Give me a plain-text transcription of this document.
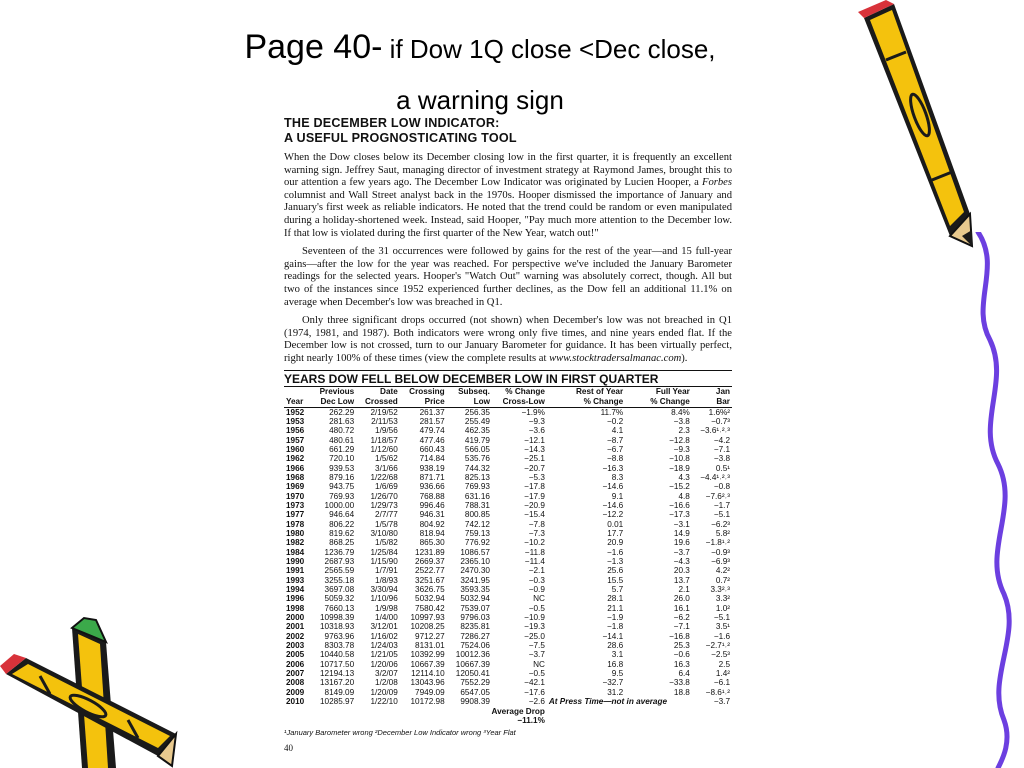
Page 40- if Dow 1Q close <Dec close,
a warning sign
THE DECEMBER LOW INDICATOR:
A USEFUL PROGNOSTICATING TOOL

When the Dow closes below its December closing low in the first quarter, it is frequently an excellent warning sign. Jeffrey Saut, managing director of investment strategy at Raymond James, brought this to our attention a few years ago. The December Low Indicator was originated by Lucien Hooper, a Forbes columnist and Wall Street analyst back in the 1970s. Hooper dismissed the importance of January and January's first week as reliable indicators. He noted that the trend could be random or even manipulated during a holiday-shortened week. Instead, said Hooper, "Pay much more attention to the December low. If that low is violated during the first quarter of the New Year, watch out!"

Seventeen of the 31 occurrences were followed by gains for the rest of the year—and 15 full-year gains—after the low for the year was reached. For perspective we've included the January Barometer readings for the selected years. Hooper's "Watch Out" warning was absolutely correct, though. All but two of the instances since 1952 experienced further declines, as the Dow fell an additional 11.1% on average when December's low was breached in Q1.

Only three significant drops occurred (not shown) when December's low was not breached in Q1 (1974, 1981, and 1987). Both indicators were wrong only five times, and nine years ended flat. If the December low is not crossed, turn to our January Barometer for guidance. It has been virtually perfect, right nearly 100% of these times (view the complete results at www.stocktradersalmanac.com).

YEARS DOW FELL BELOW DECEMBER LOW IN FIRST QUARTER
	Previous	Date	Crossing	Subseq.	% Change	Rest of Year	Full Year	Jan
Year	Dec Low	Crossed	Price	Low	Cross-Low	% Change	% Change	Bar
1952	262.29	2/19/52	261.37	256.35	−1.9%	11.7%	8.4%	1.6%²
1953	281.63	2/11/53	281.57	255.49	−9.3	−0.2	−3.8	−0.7³
1956	480.72	1/9/56	479.74	462.35	−3.6	4.1	2.3	−3.6¹˒²˒³
1957	480.61	1/18/57	477.46	419.79	−12.1	−8.7	−12.8	−4.2
1960	661.29	1/12/60	660.43	566.05	−14.3	−6.7	−9.3	−7.1
1962	720.10	1/5/62	714.84	535.76	−25.1	−8.8	−10.8	−3.8
1966	939.53	3/1/66	938.19	744.32	−20.7	−16.3	−18.9	0.5¹
1968	879.16	1/22/68	871.71	825.13	−5.3	8.3	4.3	−4.4¹˒²˒³
1969	943.75	1/6/69	936.66	769.93	−17.8	−14.6	−15.2	−0.8
1970	769.93	1/26/70	768.88	631.16	−17.9	9.1	4.8	−7.6²˒³
1973	1000.00	1/29/73	996.46	788.31	−20.9	−14.6	−16.6	−1.7
1977	946.64	2/7/77	946.31	800.85	−15.4	−12.2	−17.3	−5.1
1978	806.22	1/5/78	804.92	742.12	−7.8	0.01	−3.1	−6.2³
1980	819.62	3/10/80	818.94	759.13	−7.3	17.7	14.9	5.8²
1982	868.25	1/5/82	865.30	776.92	−10.2	20.9	19.6	−1.8¹˒²
1984	1236.79	1/25/84	1231.89	1086.57	−11.8	−1.6	−3.7	−0.9³
1990	2687.93	1/15/90	2669.37	2365.10	−11.4	−1.3	−4.3	−6.9³
1991	2565.59	1/7/91	2522.77	2470.30	−2.1	25.6	20.3	4.2²
1993	3255.18	1/8/93	3251.67	3241.95	−0.3	15.5	13.7	0.7²
1994	3697.08	3/30/94	3626.75	3593.35	−0.9	5.7	2.1	3.3²˒³
1996	5059.32	1/10/96	5032.94	5032.94	NC	28.1	26.0	3.3²
1998	7660.13	1/9/98	7580.42	7539.07	−0.5	21.1	16.1	1.0²
2000	10998.39	1/4/00	10997.93	9796.03	−10.9	−1.9	−6.2	−5.1
2001	10318.93	3/12/01	10208.25	8235.81	−19.3	−1.8	−7.1	3.5¹
2002	9763.96	1/16/02	9712.27	7286.27	−25.0	−14.1	−16.8	−1.6
2003	8303.78	1/24/03	8131.01	7524.06	−7.5	28.6	25.3	−2.7¹˒²
2005	10440.58	1/21/05	10392.99	10012.36	−3.7	3.1	−0.6	−2.5³
2006	10717.50	1/20/06	10667.39	10667.39	NC	16.8	16.3	2.5
2007	12194.13	3/2/07	12114.10	12050.41	−0.5	9.5	6.4	1.4²
2008	13167.20	1/2/08	13043.96	7552.29	−42.1	−32.7	−33.8	−6.1
2009	8149.09	1/20/09	7949.09	6547.05	−17.6	31.2	18.8	−8.6¹˒²
2010	10285.97	1/22/10	10172.98	9908.39	−2.6	At Press Time—not in average		−3.7
				Average Drop				
					−11.1%			
¹January Barometer wrong ²December Low Indicator wrong ³Year Flat
40
